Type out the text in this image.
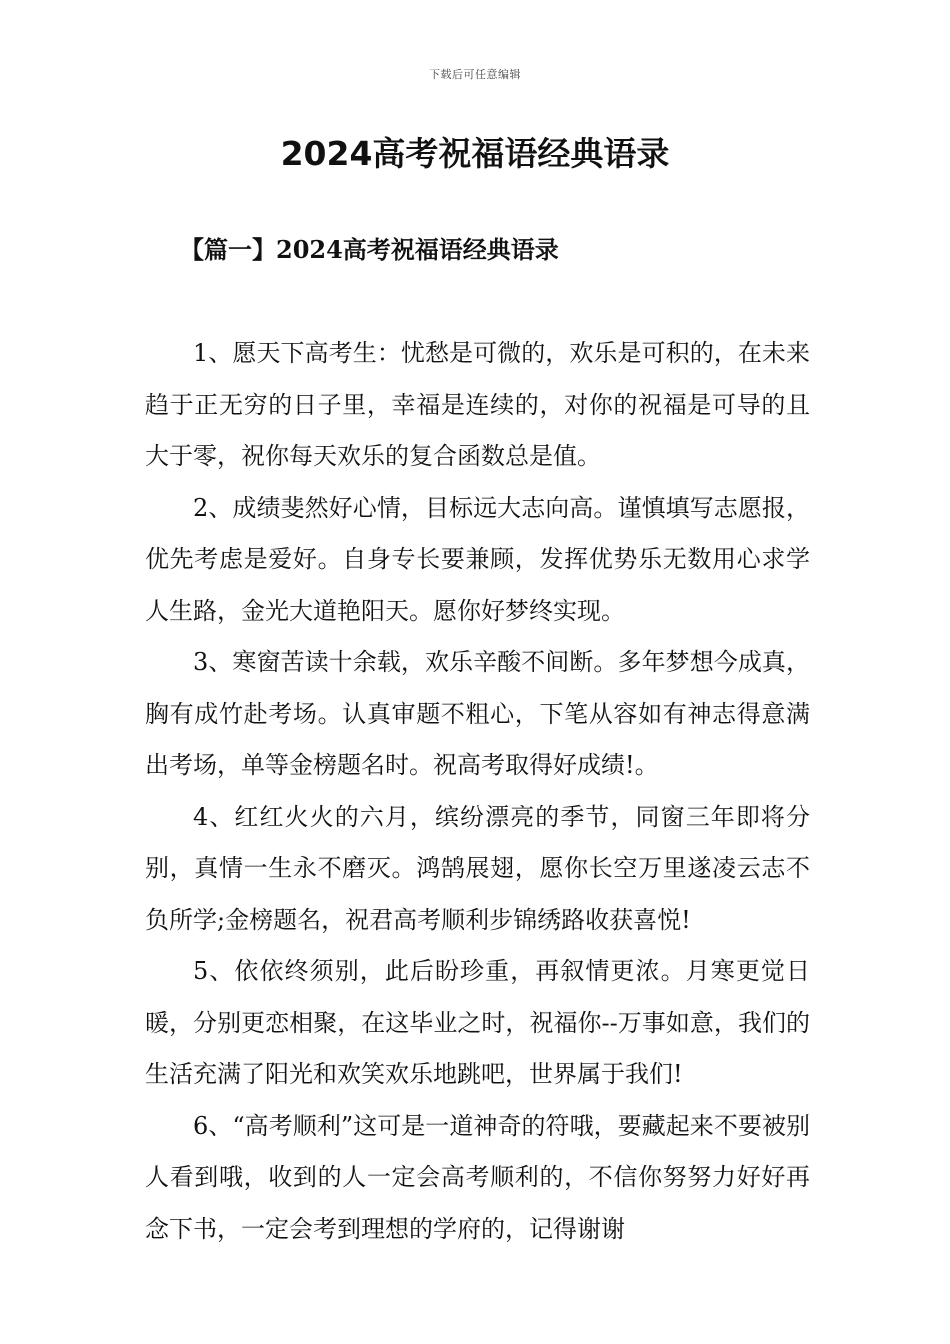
下载后可任意编辑
2024高考祝福语经典语录
【篇一】2024高考祝福语经典语录

1、愿天下高考生：忧愁是可微的，欢乐是可积的，在未来趋于正无穷的日子里，幸福是连续的，对你的祝福是可导的且大于零，祝你每天欢乐的复合函数总是值。

2、成绩斐然好心情，目标远大志向高。谨慎填写志愿报，优先考虑是爱好。自身专长要兼顾，发挥优势乐无数用心求学人生路，金光大道艳阳天。愿你好梦终实现。

3、寒窗苦读十余载，欢乐辛酸不间断。多年梦想今成真，胸有成竹赴考场。认真审题不粗心，下笔从容如有神志得意满出考场，单等金榜题名时。祝高考取得好成绩!。

4、红红火火的六月，缤纷漂亮的季节，同窗三年即将分别，真情一生永不磨灭。鸿鹄展翅，愿你长空万里遂凌云志不负所学;金榜题名，祝君高考顺利步锦绣路收获喜悦!

5、依依终须别，此后盼珍重，再叙情更浓。月寒更觉日暖，分别更恋相聚，在这毕业之时，祝福你--万事如意，我们的生活充满了阳光和欢笑欢乐地跳吧，世界属于我们!

6、“高考顺利”这可是一道神奇的符哦，要藏起来不要被别人看到哦，收到的人一定会高考顺利的，不信你努努力好好再念下书，一定会考到理想的学府的，记得谢谢
